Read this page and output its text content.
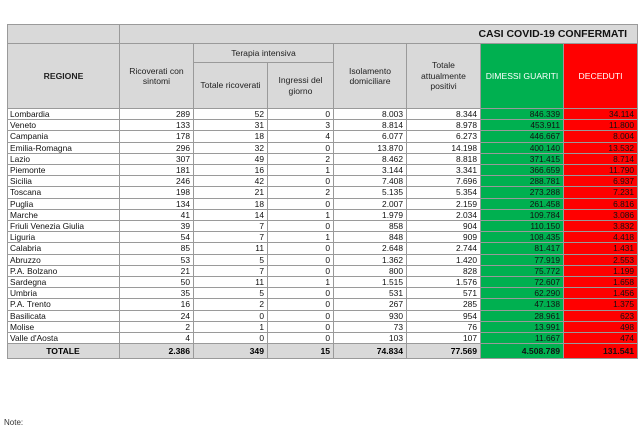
	CASI COVID-19 CONFERMATI						
REGIONE	Ricoverati con sintomi	Terapia intensiva		Isolamento domiciliare	Totale attualmente positivi	DIMESSI GUARITI	DECEDUTI
		Totale ricoverati	Ingressi del giorno				
Lombardia	289	52	0	8.003	8.344	846.339	34.114
Veneto	133	31	3	8.814	8.978	453.911	11.800
Campania	178	18	4	6.077	6.273	446.667	8.004
Emilia-Romagna	296	32	0	13.870	14.198	400.140	13.532
Lazio	307	49	2	8.462	8.818	371.415	8.714
Piemonte	181	16	1	3.144	3.341	366.659	11.790
Sicilia	246	42	0	7.408	7.696	288.781	6.937
Toscana	198	21	2	5.135	5.354	273.288	7.231
Puglia	134	18	0	2.007	2.159	261.458	6.816
Marche	41	14	1	1.979	2.034	109.784	3.086
Friuli Venezia Giulia	39	7	0	858	904	110.150	3.832
Liguria	54	7	1	848	909	108.435	4.418
Calabria	85	11	0	2.648	2.744	81.417	1.431
Abruzzo	53	5	0	1.362	1.420	77.919	2.553
P.A. Bolzano	21	7	0	800	828	75.772	1.199
Sardegna	50	11	1	1.515	1.576	72.607	1.658
Umbria	35	5	0	531	571	62.290	1.456
P.A. Trento	16	2	0	267	285	47.138	1.375
Basilicata	24	0	0	930	954	28.961	623
Molise	2	1	0	73	76	13.991	498
Valle d'Aosta	4	0	0	103	107	11.667	474
TOTALE	2.386	349	15	74.834	77.569	4.508.789	131.541
Note:
